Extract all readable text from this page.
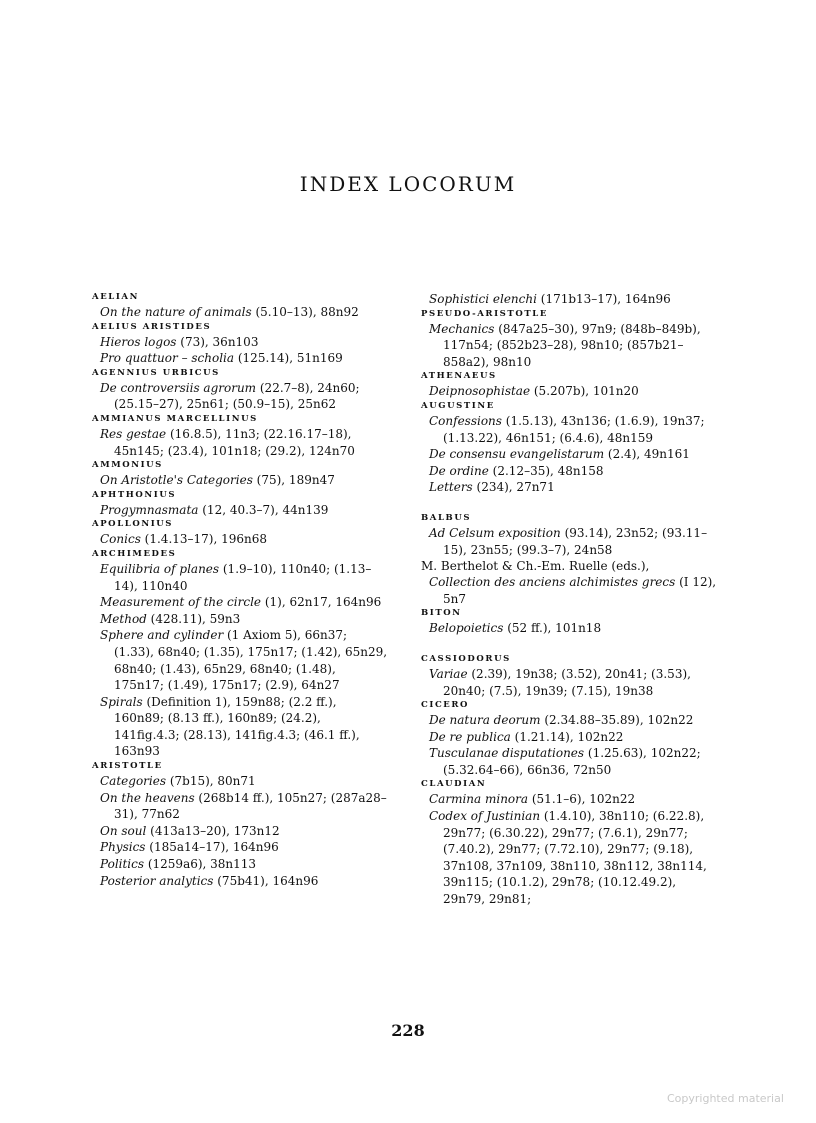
INDEX LOCORUM
AELIAN
On the nature of animals (5.10–13), 88n92
AELIUS ARISTIDES
Hieros logos (73), 36n103
Pro quattuor – scholia (125.14), 51n169
AGENNIUS URBICUS
De controversiis agrorum (22.7–8), 24n60; (25.15–27), 25n61; (50.9–15), 25n62
AMMIANUS MARCELLINUS
Res gestae (16.8.5), 11n3; (22.16.17–18), 45n145; (23.4), 101n18; (29.2), 124n70
AMMONIUS
On Aristotle's Categories (75), 189n47
APHTHONIUS
Progymnasmata (12, 40.3–7), 44n139
APOLLONIUS
Conics (1.4.13–17), 196n68
ARCHIMEDES
Equilibria of planes (1.9–10), 110n40; (1.13–14), 110n40
Measurement of the circle (1), 62n17, 164n96
Method (428.11), 59n3
Sphere and cylinder (1 Axiom 5), 66n37; (1.33), 68n40; (1.35), 175n17; (1.42), 65n29, 68n40; (1.43), 65n29, 68n40; (1.48), 175n17; (1.49), 175n17; (2.9), 64n27
Spirals (Definition 1), 159n88; (2.2 ff.), 160n89; (8.13 ff.), 160n89; (24.2), 141fig.4.3; (28.13), 141fig.4.3; (46.1 ff.), 163n93
ARISTOTLE
Categories (7b15), 80n71
On the heavens (268b14 ff.), 105n27; (287a28–31), 77n62
On soul (413a13–20), 173n12
Physics (185a14–17), 164n96
Politics (1259a6), 38n113
Posterior analytics (75b41), 164n96
Sophistici elenchi (171b13–17), 164n96
PSEUDO-ARISTOTLE
Mechanics (847a25–30), 97n9; (848b–849b), 117n54; (852b23–28), 98n10; (857b21–858a2), 98n10
ATHENAEUS
Deipnosophistae (5.207b), 101n20
AUGUSTINE
Confessions (1.5.13), 43n136; (1.6.9), 19n37; (1.13.22), 46n151; (6.4.6), 48n159
De consensu evangelistarum (2.4), 49n161
De ordine (2.12–35), 48n158
Letters (234), 27n71
BALBUS
Ad Celsum exposition (93.14), 23n52; (93.11–15), 23n55; (99.3–7), 24n58
M. Berthelot & Ch.-Em. Ruelle (eds.),
Collection des anciens alchimistes grecs (I 12), 5n7
BITON
Belopoietics (52 ff.), 101n18
CASSIODORUS
Variae (2.39), 19n38; (3.52), 20n41; (3.53), 20n40; (7.5), 19n39; (7.15), 19n38
CICERO
De natura deorum (2.34.88–35.89), 102n22
De re publica (1.21.14), 102n22
Tusculanae disputationes (1.25.63), 102n22; (5.32.64–66), 66n36, 72n50
CLAUDIAN
Carmina minora (51.1–6), 102n22
Codex of Justinian (1.4.10), 38n110; (6.22.8), 29n77; (6.30.22), 29n77; (7.6.1), 29n77; (7.40.2), 29n77; (7.72.10), 29n77; (9.18), 37n108, 37n109, 38n110, 38n112, 38n114, 39n115; (10.1.2), 29n78; (10.12.49.2), 29n79, 29n81;
228
Copyrighted material
